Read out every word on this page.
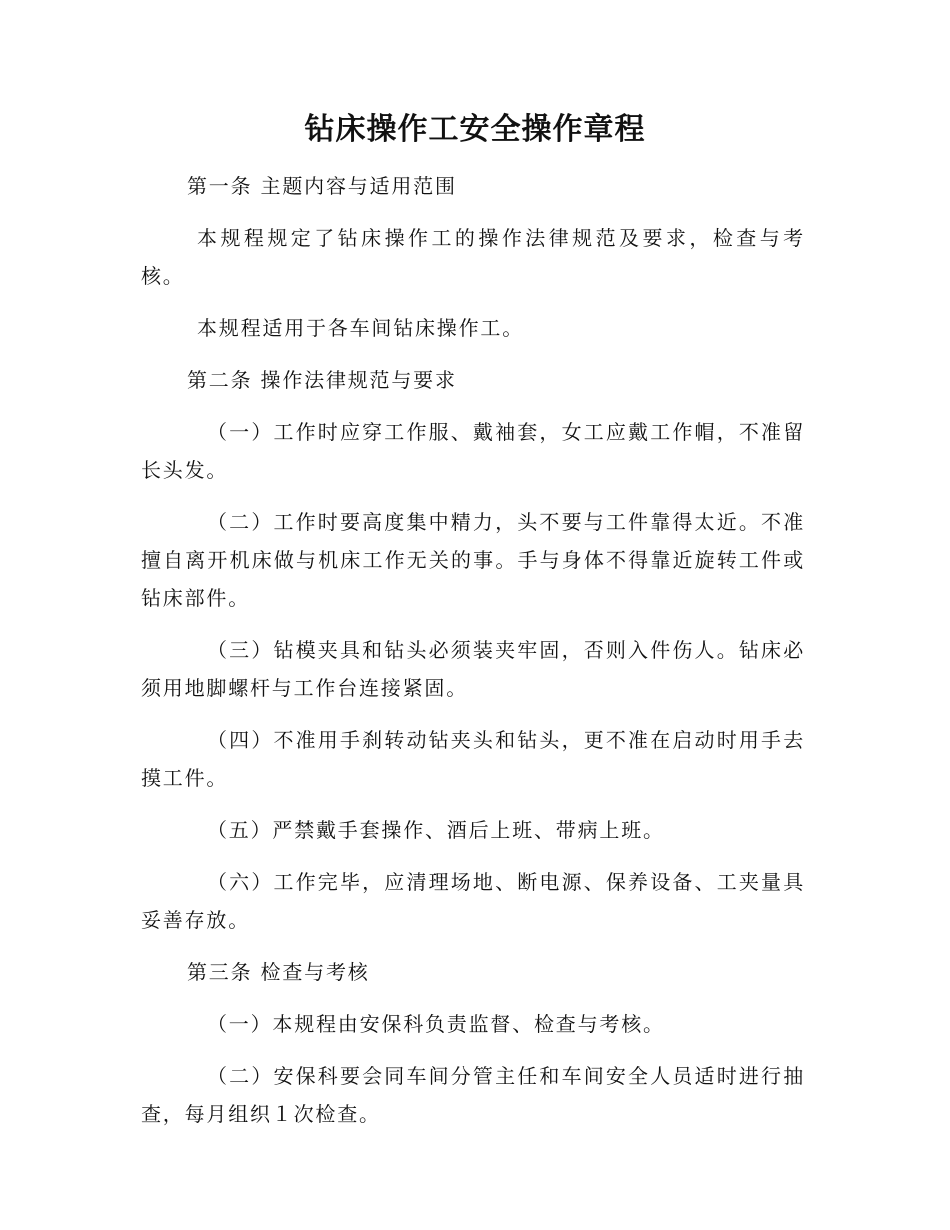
钻床操作工安全操作章程

第一条 主题内容与适用范围

本规程规定了钻床操作工的操作法律规范及要求，检查与考核。

本规程适用于各车间钻床操作工。

第二条 操作法律规范与要求

（一）工作时应穿工作服、戴袖套，女工应戴工作帽，不准留长头发。

（二）工作时要高度集中精力，头不要与工件靠得太近。不准擅自离开机床做与机床工作无关的事。手与身体不得靠近旋转工件或钻床部件。

（三）钻模夹具和钻头必须装夹牢固，否则入件伤人。钻床必须用地脚螺杆与工作台连接紧固。

（四）不准用手刹转动钻夹头和钻头，更不准在启动时用手去摸工件。

（五）严禁戴手套操作、酒后上班、带病上班。

（六）工作完毕，应清理场地、断电源、保养设备、工夹量具妥善存放。

第三条 检查与考核

（一）本规程由安保科负责监督、检查与考核。

（二）安保科要会同车间分管主任和车间安全人员适时进行抽查，每月组织１次检查。
